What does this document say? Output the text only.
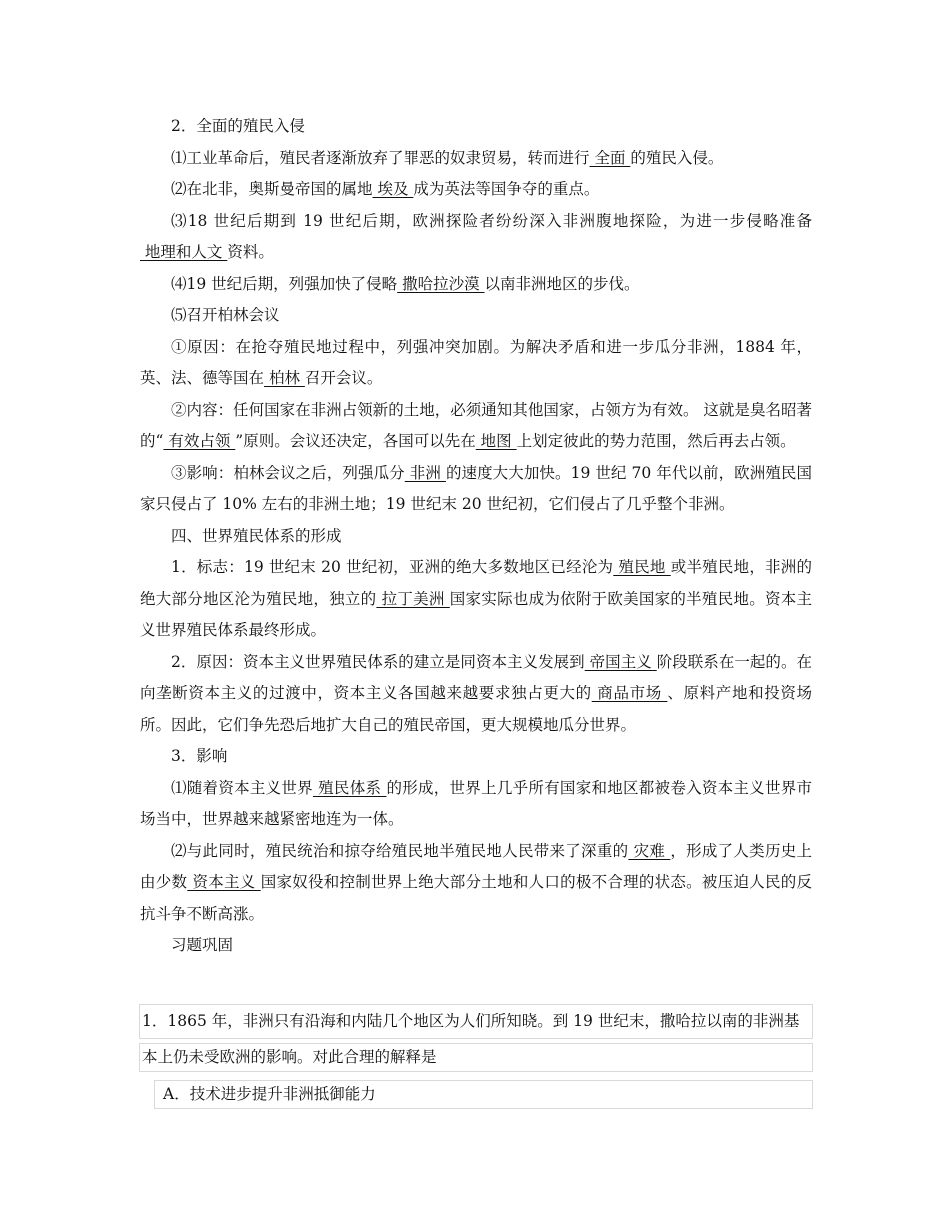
2．全面的殖民入侵

⑴工业革命后，殖民者逐渐放弃了罪恶的奴隶贸易，转而进行 全面 的殖民入侵。

⑵在北非，奥斯曼帝国的属地 埃及 成为英法等国争夺的重点。

⑶18 世纪后期到 19 世纪后期，欧洲探险者纷纷深入非洲腹地探险，为进一步侵略准备 地理和人文 资料。

⑷19 世纪后期，列强加快了侵略 撒哈拉沙漠 以南非洲地区的步伐。

⑸召开柏林会议

①原因：在抢夺殖民地过程中，列强冲突加剧。为解决矛盾和进一步瓜分非洲，1884 年，英、法、德等国在 柏林 召开会议。

②内容：任何国家在非洲占领新的土地，必须通知其他国家，占领方为有效。 这就是臭名昭著的“ 有效占领 ”原则。会议还决定，各国可以先在 地图 上划定彼此的势力范围，然后再去占领。

③影响：柏林会议之后，列强瓜分 非洲 的速度大大加快。19 世纪 70 年代以前，欧洲殖民国家只侵占了 10% 左右的非洲土地；19 世纪末 20 世纪初，它们侵占了几乎整个非洲。

四、世界殖民体系的形成

1．标志：19 世纪末 20 世纪初，亚洲的绝大多数地区已经沦为 殖民地 或半殖民地，非洲的绝大部分地区沦为殖民地，独立的 拉丁美洲 国家实际也成为依附于欧美国家的半殖民地。资本主义世界殖民体系最终形成。

2．原因：资本主义世界殖民体系的建立是同资本主义发展到 帝国主义 阶段联系在一起的。在向垄断资本主义的过渡中，资本主义各国越来越要求独占更大的 商品市场 、原料产地和投资场所。因此，它们争先恐后地扩大自己的殖民帝国，更大规模地瓜分世界。

3．影响

⑴随着资本主义世界 殖民体系 的形成，世界上几乎所有国家和地区都被卷入资本主义世界市场当中，世界越来越紧密地连为一体。

⑵与此同时，殖民统治和掠夺给殖民地半殖民地人民带来了深重的 灾难 ，形成了人类历史上由少数 资本主义 国家奴役和控制世界上绝大部分土地和人口的极不合理的状态。被压迫人民的反抗斗争不断高涨。

习题巩固

1．1865 年，非洲只有沿海和内陆几个地区为人们所知晓。到 19 世纪末，撒哈拉以南的非洲基
本上仍未受欧洲的影响。对此合理的解释是
A．技术进步提升非洲抵御能力
